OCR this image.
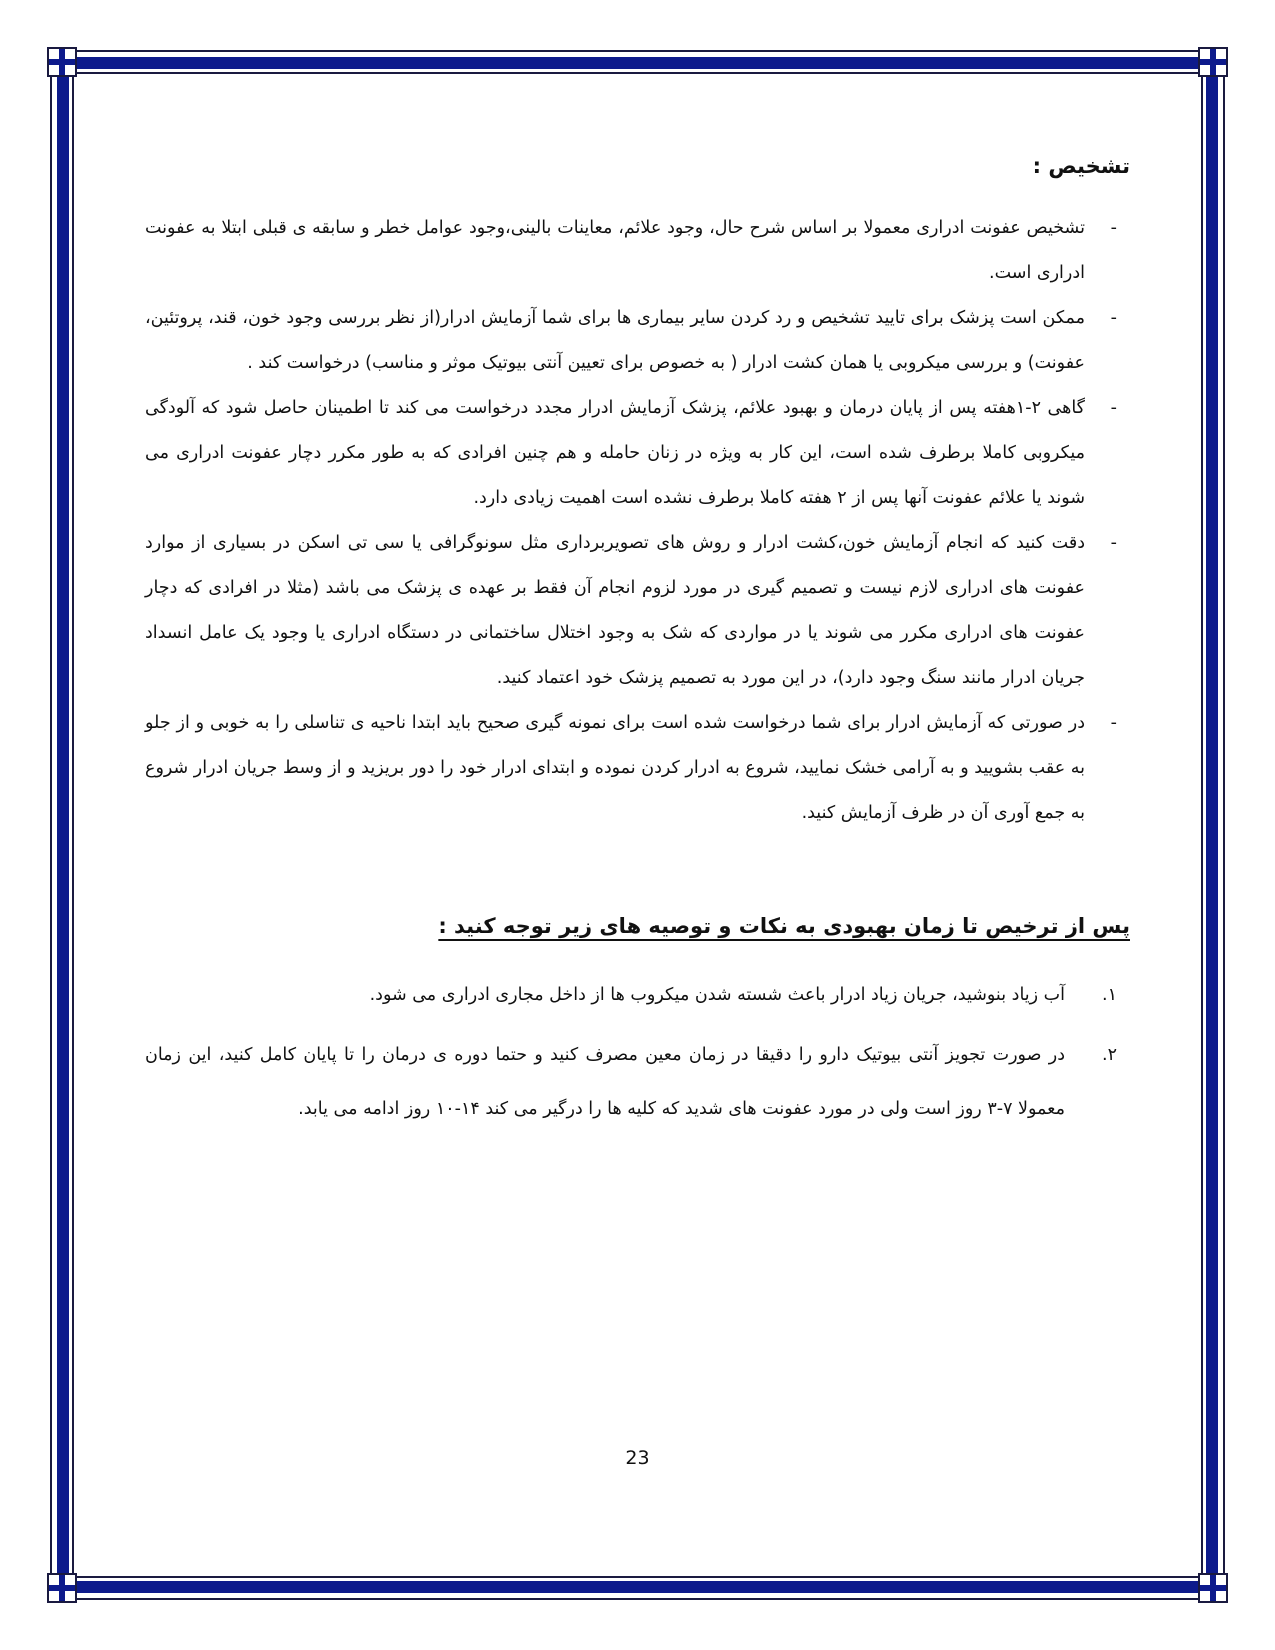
تشخیص :
-
تشخیص عفونت ادراری معمولا بر اساس شرح حال، وجود علائم، معاینات بالینی،وجود عوامل خطر و سابقه ی قبلی ابتلا به عفونت ادراری است.
-
ممکن است پزشک برای تایید تشخیص و رد کردن سایر بیماری ها برای شما آزمایش ادرار(از نظر بررسی وجود خون، قند، پروتئین، عفونت) و بررسی میکروبی یا همان کشت ادرار ( به خصوص برای تعیین آنتی بیوتیک موثر و مناسب) درخواست کند .
-
گاهی ۲-۱هفته پس از پایان درمان و بهبود علائم، پزشک آزمایش ادرار مجدد درخواست می کند تا اطمینان حاصل شود که آلودگی میکروبی کاملا برطرف شده است، این کار به ویژه در زنان حامله و هم چنین افرادی که به طور مکرر دچار عفونت ادراری می شوند یا علائم عفونت آنها پس از ۲ هفته کاملا برطرف نشده است اهمیت زیادی دارد.
-
دقت کنید که انجام آزمایش خون،کشت ادرار و روش های تصویربرداری مثل سونوگرافی یا سی تی اسکن در بسیاری از موارد عفونت های ادراری لازم نیست و تصمیم گیری در مورد لزوم انجام آن فقط بر عهده ی پزشک می باشد (مثلا در افرادی که دچار عفونت های ادراری مکرر می شوند یا در مواردی که شک به وجود اختلال ساختمانی در دستگاه ادراری یا وجود یک عامل انسداد جریان ادرار مانند سنگ وجود دارد)، در این مورد به تصمیم پزشک خود اعتماد کنید.
-
در صورتی که آزمایش ادرار برای شما درخواست شده است برای نمونه گیری صحیح باید ابتدا ناحیه ی تناسلی را به خوبی و از جلو به عقب بشویید و به آرامی خشک نمایید، شروع به ادرار کردن نموده و ابتدای ادرار خود را دور بریزید و از وسط جریان ادرار شروع به جمع آوری آن در ظرف آزمایش کنید.
پس از ترخیص تا زمان بهبودی به نکات و توصیه های زیر توجه کنید :
۱.
آب زیاد بنوشید، جریان زیاد ادرار باعث شسته شدن میکروب ها از داخل مجاری ادراری می شود.
۲.
در صورت تجویز آنتی بیوتیک دارو را دقیقا در زمان معین مصرف کنید و حتما دوره ی درمان را تا پایان کامل کنید، این زمان معمولا ۷-۳ روز است ولی در مورد عفونت های شدید که کلیه ها را درگیر می کند ۱۴-۱۰ روز ادامه می یابد.
23
